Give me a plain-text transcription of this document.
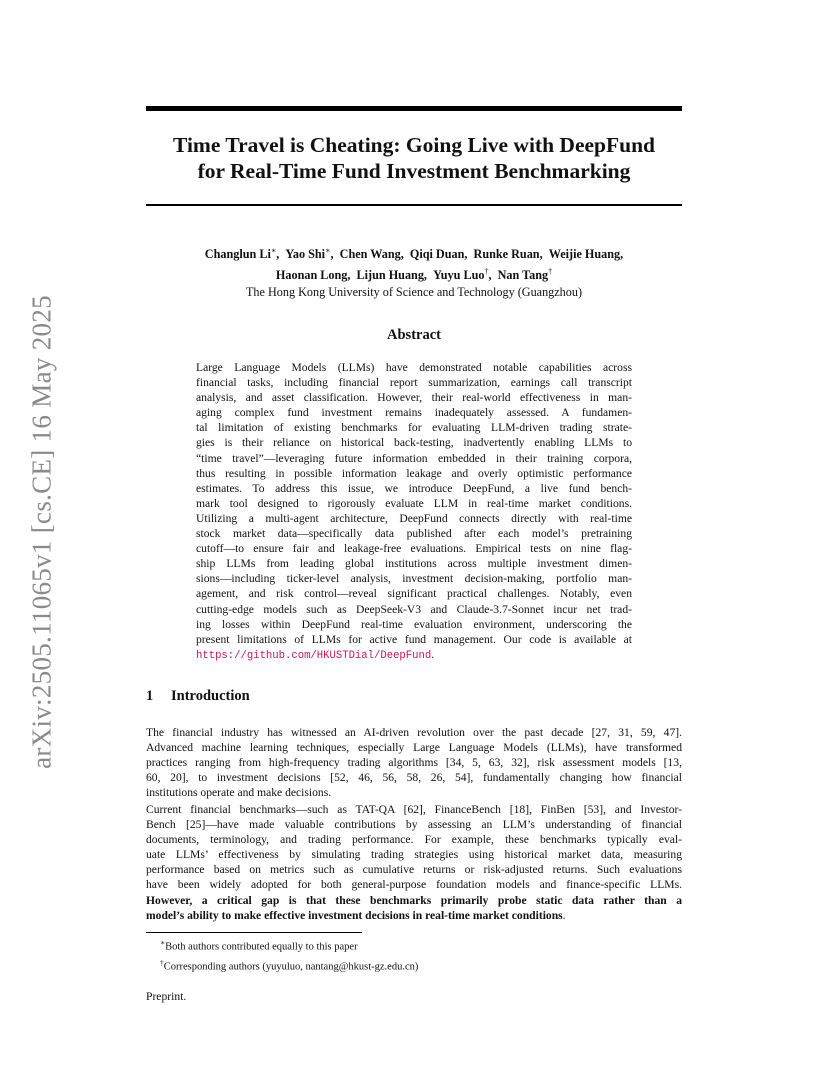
arXiv:2505.11065v1 [cs.CE] 16 May 2025
Time Travel is Cheating: Going Live with DeepFund
for Real-Time Fund Investment Benchmarking
Changlun Li∗, Yao Shi∗, Chen Wang, Qiqi Duan, Runke Ruan, Weijie Huang,
Haonan Long, Lijun Huang, Yuyu Luo†, Nan Tang†
The Hong Kong University of Science and Technology (Guangzhou)
Abstract
Large Language Models (LLMs) have demonstrated notable capabilities across
financial tasks, including financial report summarization, earnings call transcript
analysis, and asset classification. However, their real-world effectiveness in man-
aging complex fund investment remains inadequately assessed. A fundamen-
tal limitation of existing benchmarks for evaluating LLM-driven trading strate-
gies is their reliance on historical back-testing, inadvertently enabling LLMs to
“time travel”—leveraging future information embedded in their training corpora,
thus resulting in possible information leakage and overly optimistic performance
estimates. To address this issue, we introduce DeepFund, a live fund bench-
mark tool designed to rigorously evaluate LLM in real-time market conditions.
Utilizing a multi-agent architecture, DeepFund connects directly with real-time
stock market data—specifically data published after each model’s pretraining
cutoff—to ensure fair and leakage-free evaluations. Empirical tests on nine flag-
ship LLMs from leading global institutions across multiple investment dimen-
sions—including ticker-level analysis, investment decision-making, portfolio man-
agement, and risk control—reveal significant practical challenges. Notably, even
cutting-edge models such as DeepSeek-V3 and Claude-3.7-Sonnet incur net trad-
ing losses within DeepFund real-time evaluation environment, underscoring the
present limitations of LLMs for active fund management. Our code is available at
https://github.com/HKUSTDial/DeepFund.
1 Introduction
The financial industry has witnessed an AI-driven revolution over the past decade [27, 31, 59, 47].
Advanced machine learning techniques, especially Large Language Models (LLMs), have transformed
practices ranging from high-frequency trading algorithms [34, 5, 63, 32], risk assessment models [13,
60, 20], to investment decisions [52, 46, 56, 58, 26, 54], fundamentally changing how financial
institutions operate and make decisions.
Current financial benchmarks—such as TAT-QA [62], FinanceBench [18], FinBen [53], and Investor-
Bench [25]—have made valuable contributions by assessing an LLM’s understanding of financial
documents, terminology, and trading performance. For example, these benchmarks typically eval-
uate LLMs’ effectiveness by simulating trading strategies using historical market data, measuring
performance based on metrics such as cumulative returns or risk-adjusted returns. Such evaluations
have been widely adopted for both general-purpose foundation models and finance-specific LLMs.
However, a critical gap is that these benchmarks primarily probe static data rather than a
model’s ability to make effective investment decisions in real-time market conditions.
∗Both authors contributed equally to this paper
†Corresponding authors (yuyuluo, nantang@hkust-gz.edu.cn)
Preprint.
